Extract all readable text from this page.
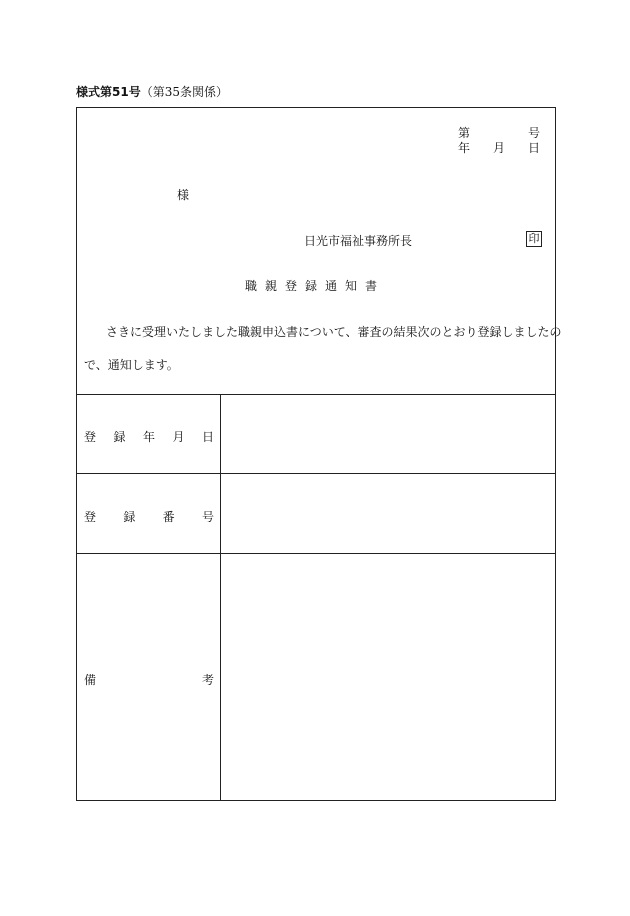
様式第51号（第35条関係）
第	号
年 月 日
様
日光市福祉事務所長	印
職親登録通知書
さきに受理いたしました職親申込書について、審査の結果次のとおり登録しましたの
で、通知します。
登 録 年 月 日
登 録 番 号
備	考
